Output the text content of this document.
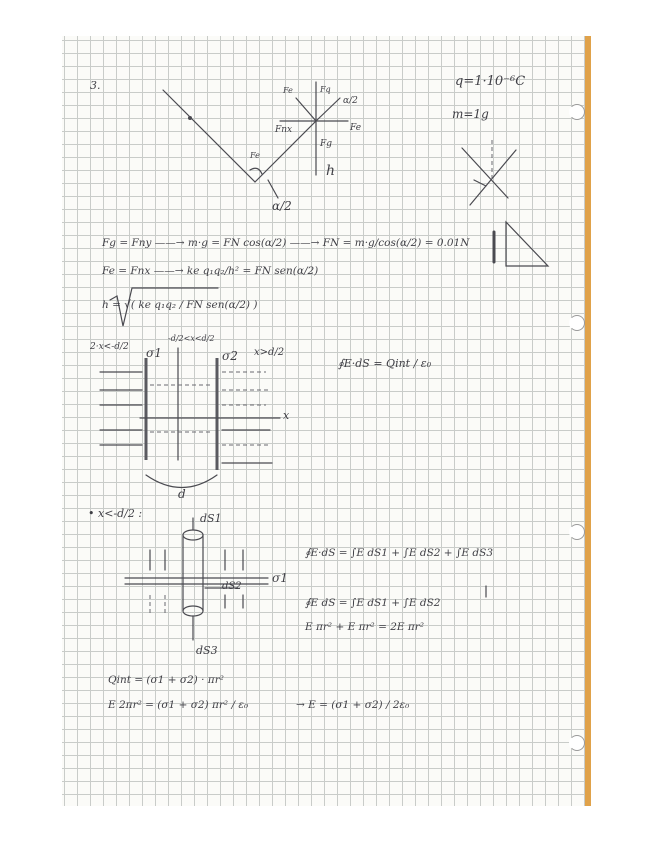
3.	q=1·10⁻⁶C
m=1g
Fe	Fq
Fe
Fnx
α/2
Fe
Fg
h
α/2
Fg = Fny ——→ m·g = FN cos(α/2) ——→ FN = m·g/cos(α/2) = 0.01N
Fe = Fnx ——→ ke q₁q₂/h² = FN sen(α/2)
h = √( ke q₁q₂ / FN sen(α/2) )
2·x<-d/2
-d/2<x<d/2
x>d/2
σ1	σ2
x
d
∮E·dS = Qint / ε₀
• x<-d/2 :	dS1
dS2
dS3
σ1
∮E·dS = ∫E dS1 + ∫E dS2 + ∫E dS3
∮E dS = ∫E dS1 + ∫E dS2
E πr² + E πr² = 2E πr²
Qint = (σ1 + σ2) · πr²
E 2πr² = (σ1 + σ2) πr² / ε₀	→ E = (σ1 + σ2) / 2ε₀
